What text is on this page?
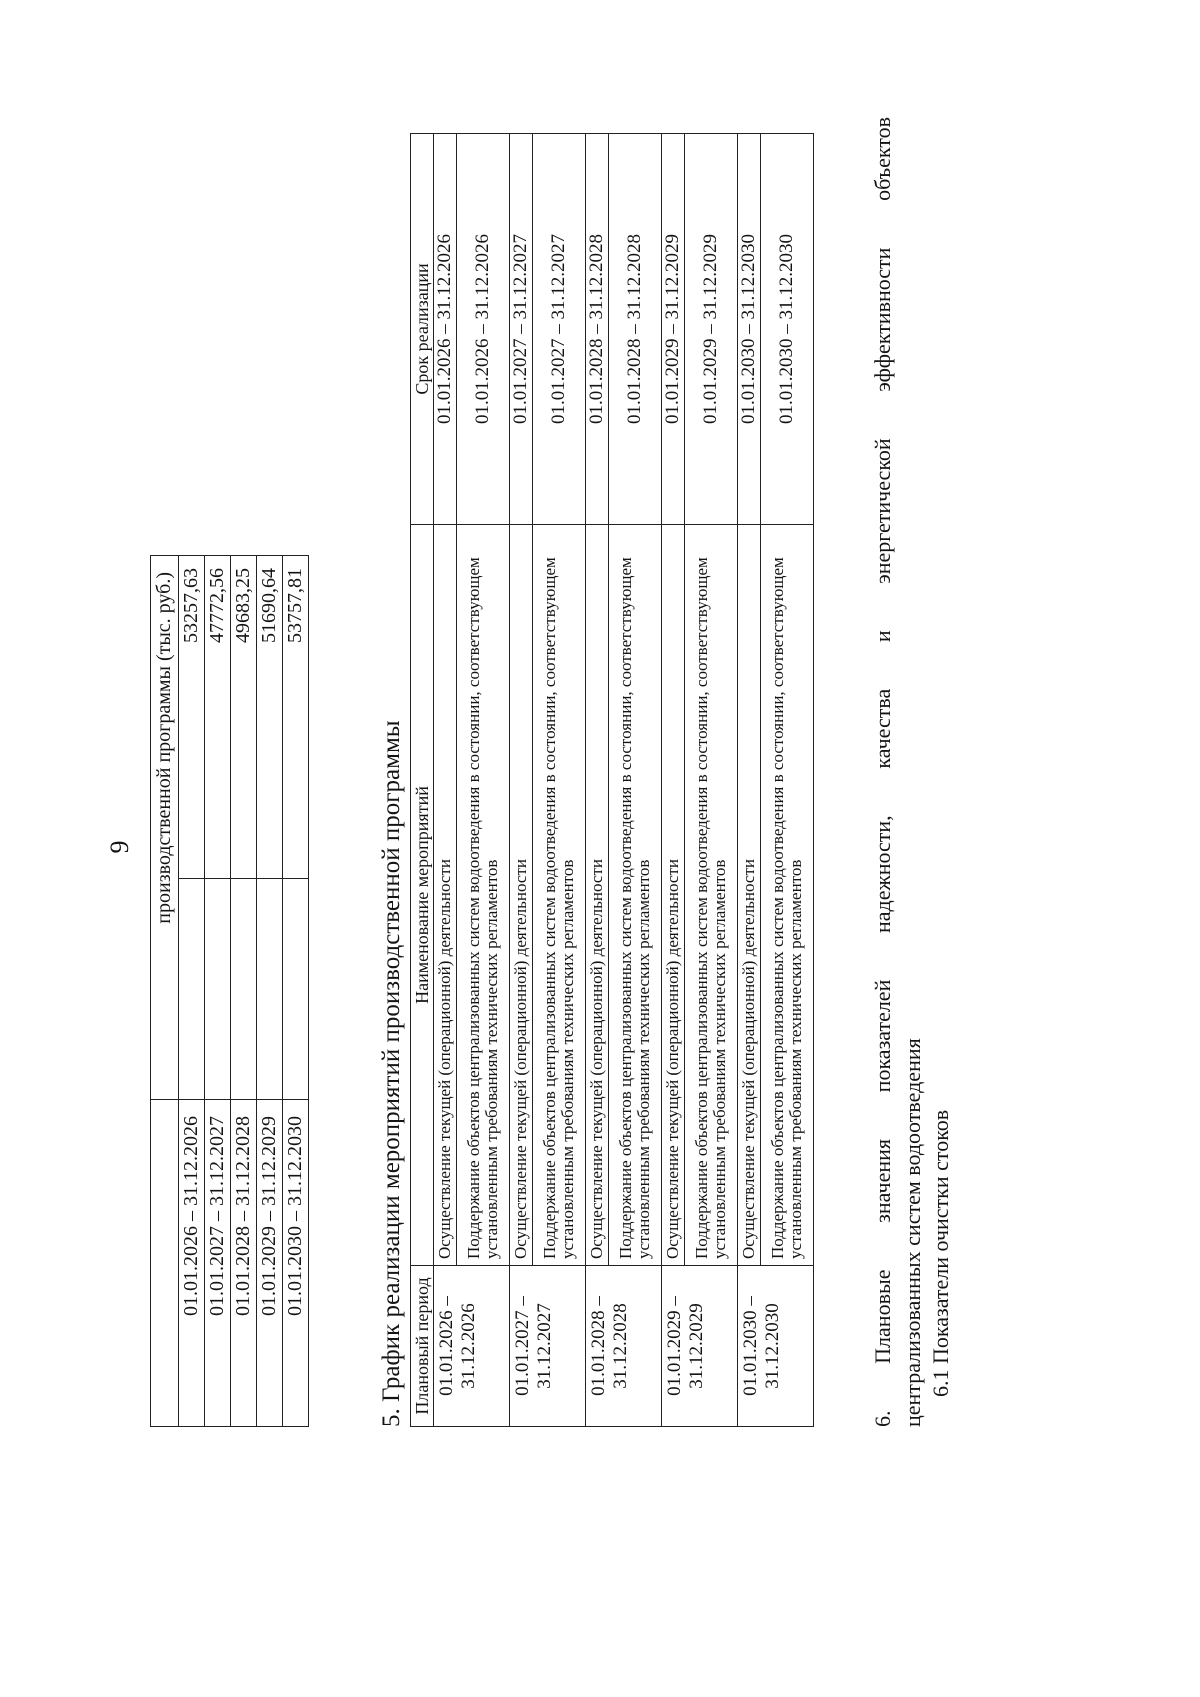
9
	производственной программы (тыс. руб.)	
01.01.2026 – 31.12.2026		53257,63
01.01.2027 – 31.12.2027		47772,56
01.01.2028 – 31.12.2028		49683,25
01.01.2029 – 31.12.2029		51690,64
01.01.2030 – 31.12.2030		53757,81
5. График реализации мероприятий производственной программы Плановый период	Наименование мероприятий	Срок реализации
01.01.2026 – 31.12.2026	Осуществление текущей (операционной) деятельности	01.01.2026 – 31.12.2026
	Поддержание объектов централизованных систем водоотведения в состоянии, соответствующем установленным требованиям технических регламентов	01.01.2026 – 31.12.2026
01.01.2027 – 31.12.2027	Осуществление текущей (операционной) деятельности	01.01.2027 – 31.12.2027
	Поддержание объектов централизованных систем водоотведения в состоянии, соответствующем установленным требованиям технических регламентов	01.01.2027 – 31.12.2027
01.01.2028 – 31.12.2028	Осуществление текущей (операционной) деятельности	01.01.2028 – 31.12.2028
	Поддержание объектов централизованных систем водоотведения в состоянии, соответствующем установленным требованиям технических регламентов	01.01.2028 – 31.12.2028
01.01.2029 – 31.12.2029	Осуществление текущей (операционной) деятельности	01.01.2029 – 31.12.2029
	Поддержание объектов централизованных систем водоотведения в состоянии, соответствующем установленным требованиям технических регламентов	01.01.2029 – 31.12.2029
01.01.2030 – 31.12.2030	Осуществление текущей (операционной) деятельности	01.01.2030 – 31.12.2030
	Поддержание объектов централизованных систем водоотведения в состоянии, соответствующем установленным требованиям технических регламентов	01.01.2030 – 31.12.2030	6. Плановые значения показателей надежности, качества и энергетической эффективности объектов централизованных систем водоотведения 6.1 Показатели очистки стоков
